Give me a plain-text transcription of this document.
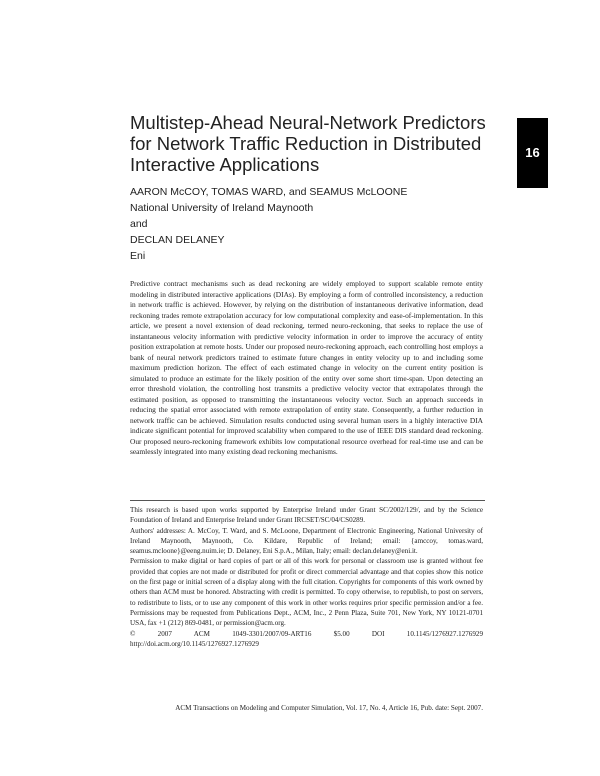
16
Multistep-Ahead Neural-Network Predictors
for Network Traffic Reduction in Distributed
Interactive Applications
AARON McCOY, TOMAS WARD, and SEAMUS McLOONE
National University of Ireland Maynooth
and
DECLAN DELANEY
Eni

Predictive contract mechanisms such as dead reckoning are widely employed to support scalable remote entity modeling in distributed interactive applications (DIAs). By employing a form of controlled inconsistency, a reduction in network traffic is achieved. However, by relying on the distribution of instantaneous derivative information, dead reckoning trades remote extrapolation accuracy for low computational complexity and ease-of-implementation. In this article, we present a novel extension of dead reckoning, termed neuro-reckoning, that seeks to replace the use of instantaneous velocity information with predictive velocity information in order to improve the accuracy of entity position extrapolation at remote hosts. Under our proposed neuro-reckoning approach, each controlling host employs a bank of neural network predictors trained to estimate future changes in entity velocity up to and including some maximum prediction horizon. The effect of each estimated change in velocity on the current entity position is simulated to produce an estimate for the likely position of the entity over some short time-span. Upon detecting an error threshold violation, the controlling host transmits a predictive velocity vector that extrapolates through the estimated position, as opposed to transmitting the instantaneous velocity vector. Such an approach succeeds in reducing the spatial error associated with remote extrapolation of entity state. Consequently, a further reduction in network traffic can be achieved. Simulation results conducted using several human users in a highly interactive DIA indicate significant potential for improved scalability when compared to the use of IEEE DIS standard dead reckoning. Our proposed neuro-reckoning framework exhibits low computational resource overhead for real-time use and can be seamlessly integrated into many existing dead reckoning mechanisms.

This research is based upon works supported by Enterprise Ireland under Grant SC/2002/129/, and by the Science Foundation of Ireland and Enterprise Ireland under Grant IRCSET/SC/04/CS0289.

Authors' addresses: A. McCoy, T. Ward, and S. McLoone, Department of Electronic Engineering, National University of Ireland Maynooth, Maynooth, Co. Kildare, Republic of Ireland; email: {amccoy, tomas.ward, seamus.mcloone}@eeng.nuim.ie; D. Delaney, Eni S.p.A., Milan, Italy; email: declan.delaney@eni.it.

Permission to make digital or hard copies of part or all of this work for personal or classroom use is granted without fee provided that copies are not made or distributed for profit or direct commercial advantage and that copies show this notice on the first page or initial screen of a display along with the full citation. Copyrights for components of this work owned by others than ACM must be honored. Abstracting with credit is permitted. To copy otherwise, to republish, to post on servers, to redistribute to lists, or to use any component of this work in other works requires prior specific permission and/or a fee. Permissions may be requested from Publications Dept., ACM, Inc., 2 Penn Plaza, Suite 701, New York, NY 10121-0701 USA, fax +1 (212) 869-0481, or permission@acm.org.

© 2007 ACM 1049-3301/2007/09-ART16 $5.00 DOI 10.1145/1276927.1276929 http://doi.acm.org/10.1145/1276927.1276929

ACM Transactions on Modeling and Computer Simulation, Vol. 17, No. 4, Article 16, Pub. date: Sept. 2007.
